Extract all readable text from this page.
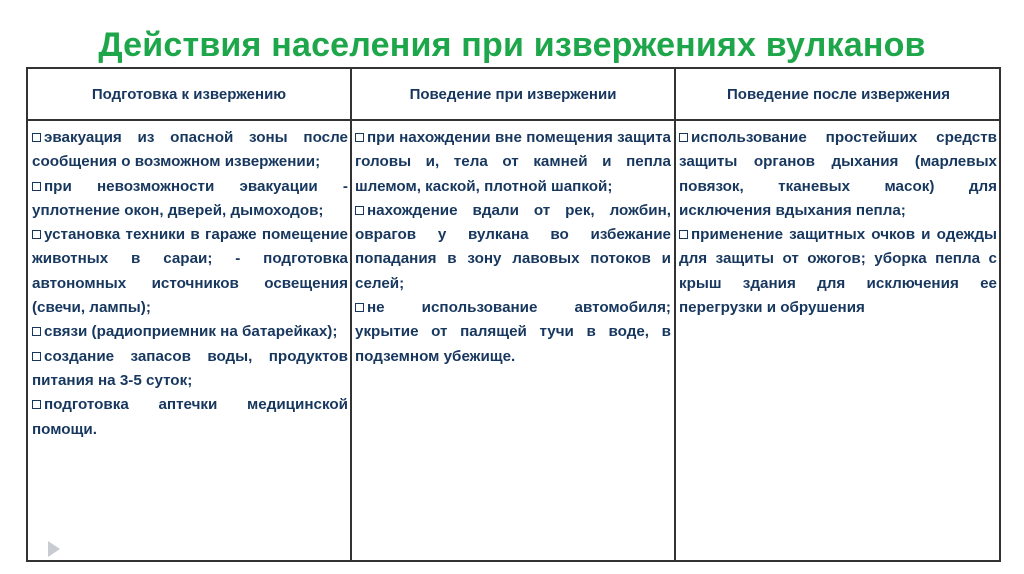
Действия населения при извержениях вулканов
Подготовка к извержению	Поведение при извержении	Поведение после извержения
эвакуация из опасной зоны после сообщения о возможном извержении;
при невозможности эвакуации - уплотнение окон, дверей, дымоходов;
установка техники в гараже помещение животных в сараи; - подготовка автономных источников освещения (свечи, лампы);
связи (радиоприемник на батарейках);
создание запасов воды, продуктов питания на 3-5 суток;
подготовка аптечки медицинской помощи.
при нахождении вне помещения защита головы и, тела от камней и пепла шлемом, каской, плотной шапкой;
нахождение вдали от рек, ложбин, оврагов у вулкана во избежание попадания в зону лавовых потоков и селей;
не использование автомобиля; укрытие от палящей тучи в воде, в подземном убежище.
использование простейших средств защиты органов дыхания (марлевых повязок, тканевых масок) для исключения вдыхания пепла;
применение защитных очков и одежды для защиты от ожогов; уборка пепла с крыш здания для исключения ее перегрузки и обрушения
